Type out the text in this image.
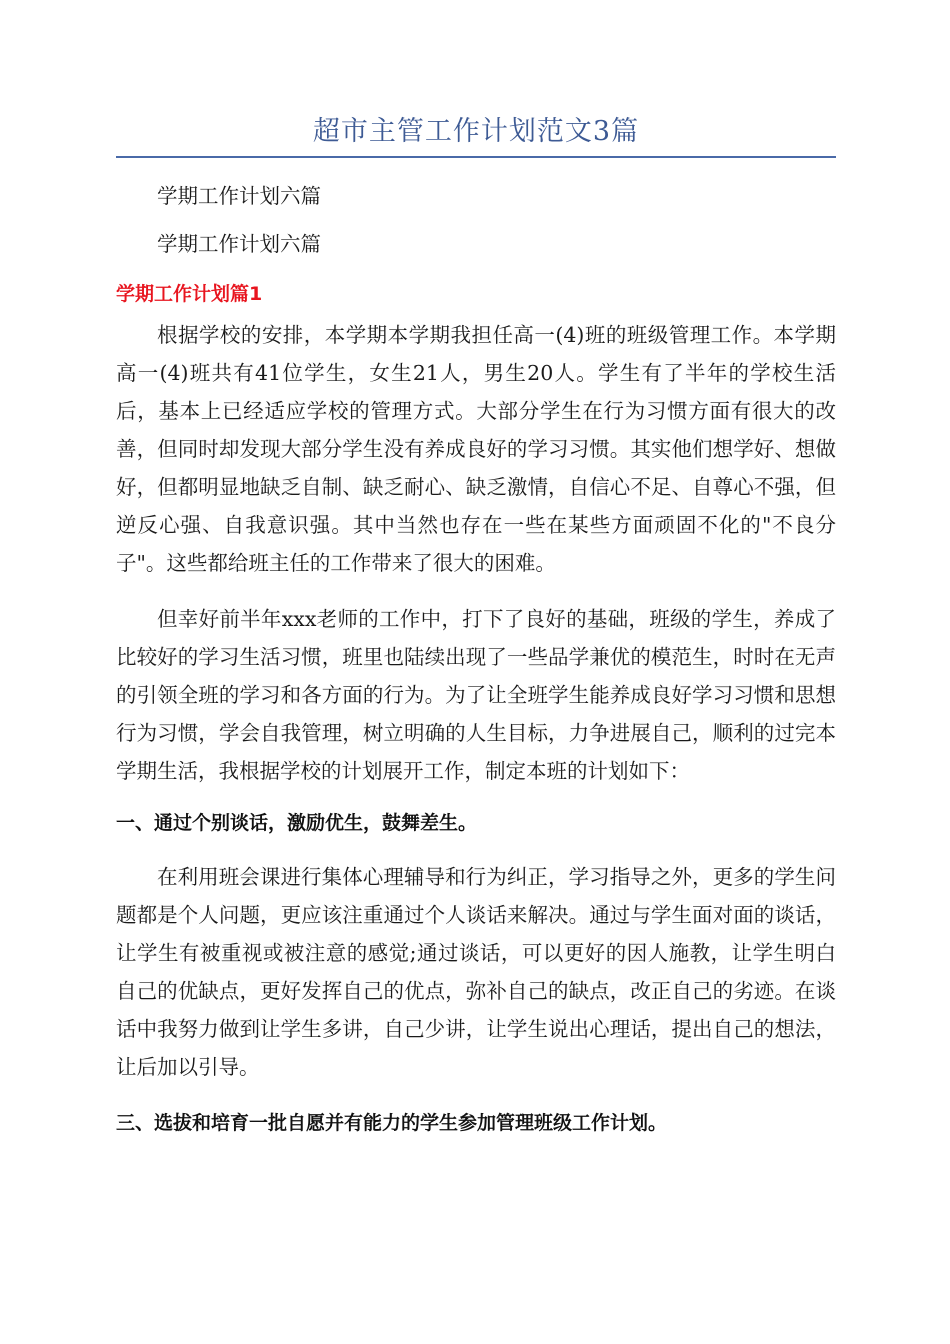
超市主管工作计划范文3篇

学期工作计划六篇

学期工作计划六篇

学期工作计划篇1

根据学校的安排，本学期本学期我担任高一(4)班的班级管理工作。本学期高一(4)班共有41位学生，女生21人，男生20人。学生有了半年的学校生活后，基本上已经适应学校的管理方式。大部分学生在行为习惯方面有很大的改善，但同时却发现大部分学生没有养成良好的学习习惯。其实他们想学好、想做好，但都明显地缺乏自制、缺乏耐心、缺乏激情，自信心不足、自尊心不强，但逆反心强、自我意识强。其中当然也存在一些在某些方面顽固不化的"不良分子"。这些都给班主任的工作带来了很大的困难。

但幸好前半年xxx老师的工作中，打下了良好的基础，班级的学生，养成了比较好的学习生活习惯，班里也陆续出现了一些品学兼优的模范生，时时在无声的引领全班的学习和各方面的行为。为了让全班学生能养成良好学习习惯和思想行为习惯，学会自我管理，树立明确的人生目标，力争进展自己，顺利的过完本学期生活，我根据学校的计划展开工作，制定本班的计划如下：

一、通过个别谈话，激励优生，鼓舞差生。

在利用班会课进行集体心理辅导和行为纠正，学习指导之外，更多的学生问题都是个人问题，更应该注重通过个人谈话来解决。通过与学生面对面的谈话，让学生有被重视或被注意的感觉;通过谈话，可以更好的因人施教，让学生明白自己的优缺点，更好发挥自己的优点，弥补自己的缺点，改正自己的劣迹。在谈话中我努力做到让学生多讲，自己少讲，让学生说出心理话，提出自己的想法，让后加以引导。

三、选拔和培育一批自愿并有能力的学生参加管理班级工作计划。
